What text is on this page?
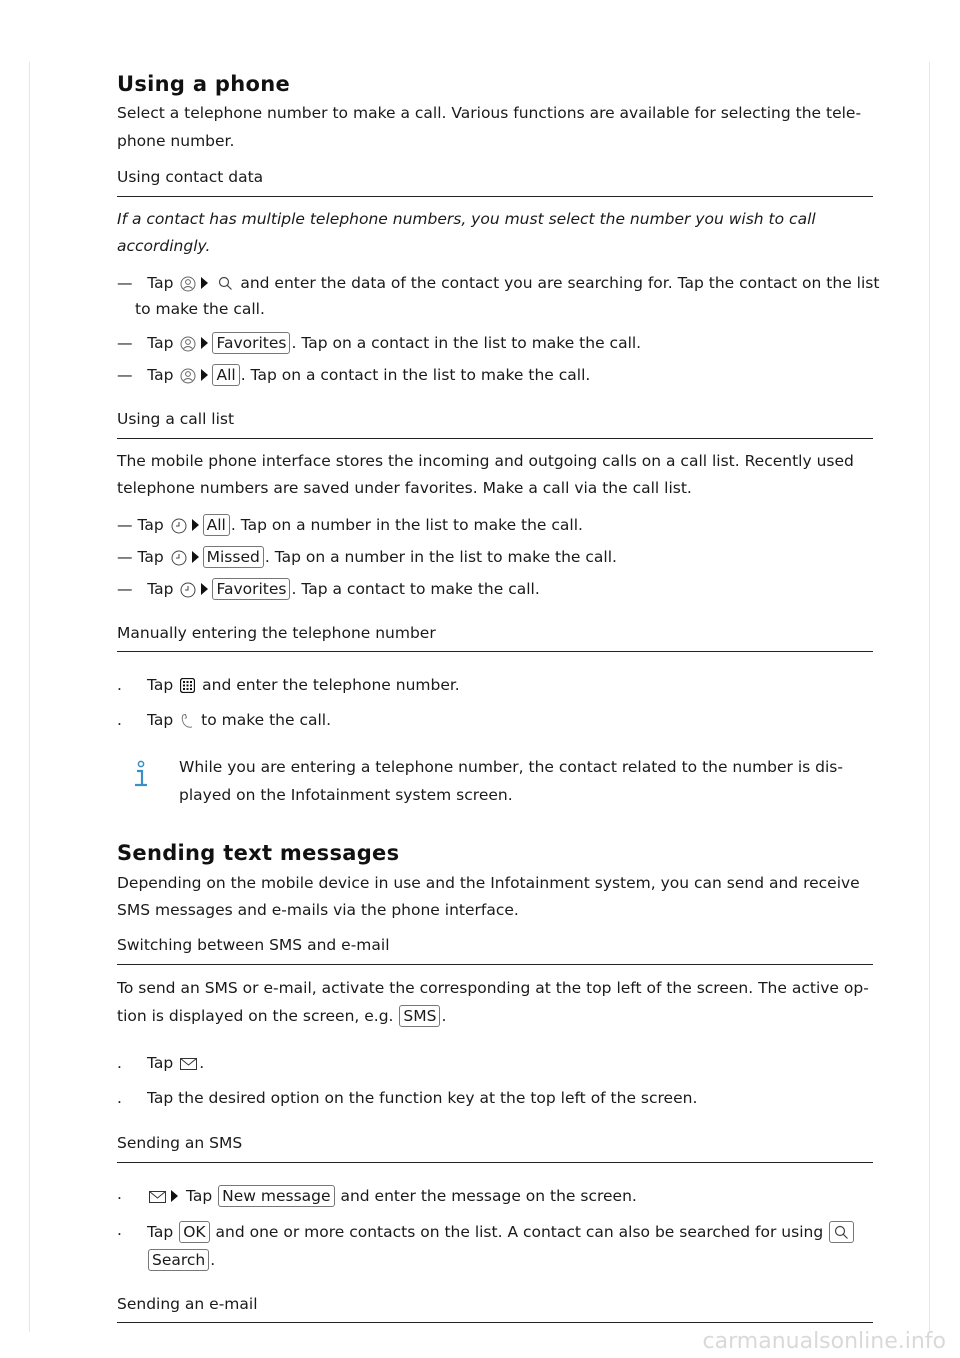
Using a phone
Select a telephone number to make a call. Various functions are available for selecting the tele-
phone number.
Using contact data
If a contact has multiple telephone numbers, you must select the number you wish to call
accordingly.
— Tap
	and enter the data of the contact you are searching for. Tap the contact on the list
to make the call.
— Tap	Favorites . Tap on a contact in the list to make the call.
— Tap	All . Tap on a contact in the list to make the call.
Using a call list
The mobile phone interface stores the incoming and outgoing calls on a call list. Recently used
telephone numbers are saved under favorites. Make a call via the call list.
— Tap	All . Tap on a number in the list to make the call.
— Tap	Missed . Tap on a number in the list to make the call.
— Tap	Favorites . Tap a contact to make the call.
Manually entering the telephone number
. Tap and enter the telephone number.
. Tap to make the call.
While you are entering a telephone number, the contact related to the number is dis-
played on the Infotainment system screen.
Sending text messages
Depending on the mobile device in use and the Infotainment system, you can send and receive
SMS messages and e-mails via the phone interface.
Switching between SMS and e-mail
To send an SMS or e-mail, activate the corresponding at the top left of the screen. The active op-
tion is displayed on the screen, e.g. SMS .
. Tap .
. Tap the desired option on the function key at the top left of the screen.
Sending an SMS
.	Tap New message and enter the message on the screen.
. Tap OK and one or more contacts on the list. A contact can also be searched for using
Search .
Sending an e-mail
carmanualsonline.info
